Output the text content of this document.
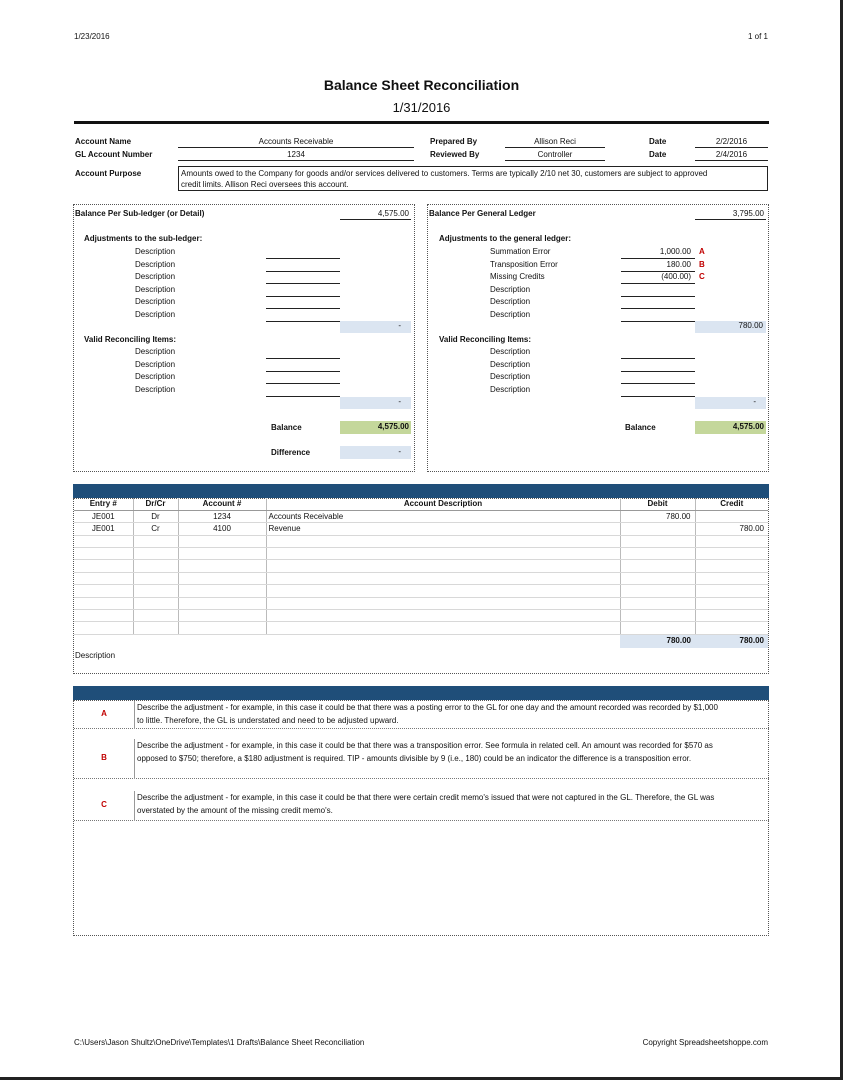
1/23/2016	1 of 1
Balance Sheet Reconciliation
1/31/2016
Account Name	Accounts Receivable
GL Account Number	1234
Prepared By	Allison Reci
Reviewed By	Controller
Date	2/2/2016
Date	2/4/2016
Account Purpose	Amounts owed to the Company for goods and/or services delivered to customers. Terms are typically 2/10 net 30, customers are subject to approved
credit limits. Allison Reci oversees this account.
Balance Per Sub-ledger (or Detail)	4,575.00
Adjustments to the sub-ledger:
Description
Description
Description
Description
Description
Description
-
Valid Reconciling Items:
Description
Description
Description
Description
-
Balance	4,575.00
Difference	-
Balance Per General Ledger	3,795.00
Adjustments to the general ledger:
Summation Error	1,000.00 A
Transposition Error	180.00 B
Missing Credits	(400.00) C
Description
Description
Description
780.00
Valid Reconciling Items:
Description
Description
Description
Description
-
Balance	4,575.00
Entry #	Dr/Cr	Account #	Account Description	Debit	Credit
JE001	Dr	1234	Accounts Receivable	780.00	
JE001	Cr	4100	Revenue		780.00

780.00	780.00
Description
A
Describe the adjustment - for example, in this case it could be that there was a posting error to the GL for one day and the amount recorded was recorded by $1,000
to little. Therefore, the GL is understated and need to be adjusted upward.
B
Describe the adjustment - for example, in this case it could be that there was a transposition error. See formula in related cell. An amount was recorded for $570 as
opposed to $750; therefore, a $180 adjustment is required. TIP - amounts divisible by 9 (i.e., 180) could be an indicator the difference is a transposition error.
C
Describe the adjustment - for example, in this case it could be that there were certain credit memo's issued that were not captured in the GL. Therefore, the GL was
overstated by the amount of the missing credit memo's.
C:\Users\Jason Shultz\OneDrive\Templates\1 Drafts\Balance Sheet Reconciliation	Copyright Spreadsheetshoppe.com
